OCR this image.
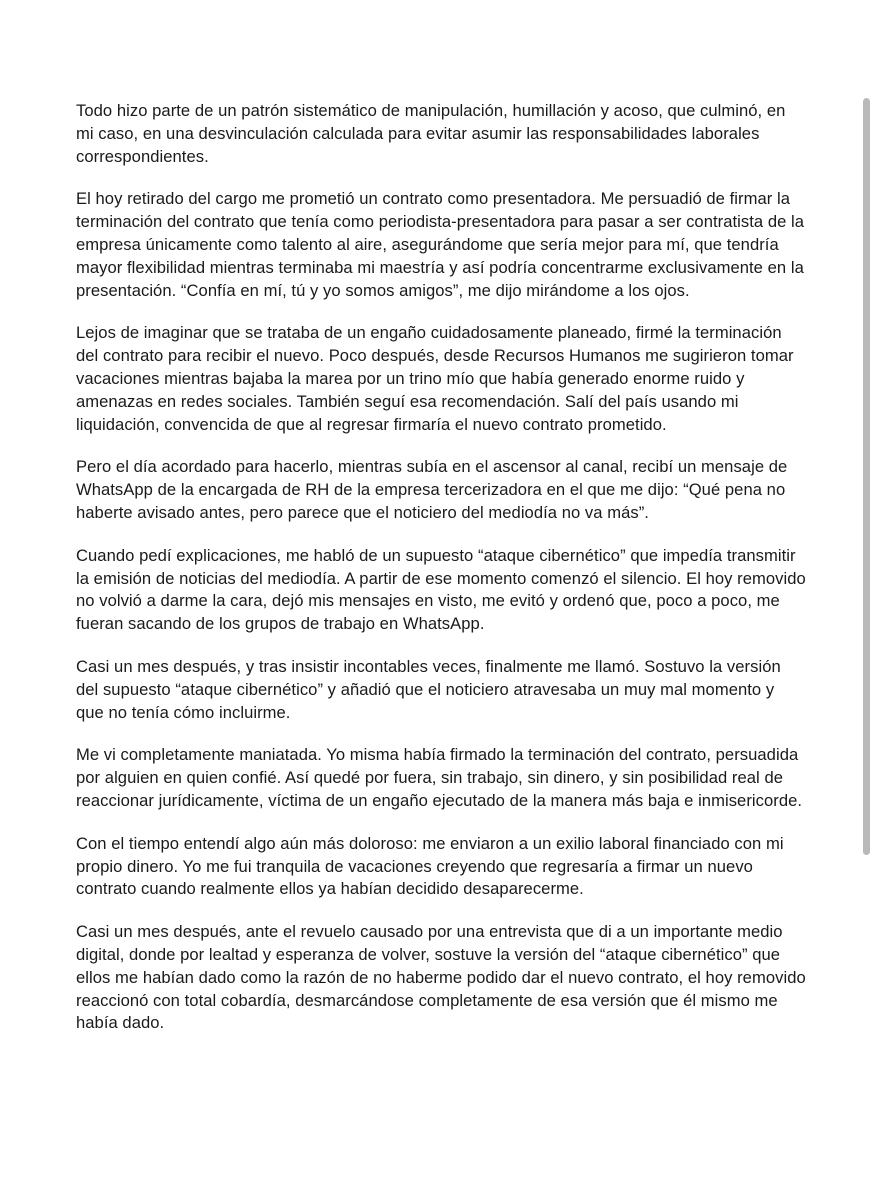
Todo hizo parte de un patrón sistemático de manipulación, humillación y acoso, que culminó, en mi caso, en una desvinculación calculada para evitar asumir las responsabilidades laborales correspondientes.

El hoy retirado del cargo me prometió un contrato como presentadora. Me persuadió de firmar la terminación del contrato que tenía como periodista-presentadora para pasar a ser contratista de la empresa únicamente como talento al aire, asegurándome que sería mejor para mí, que tendría mayor flexibilidad mientras terminaba mi maestría y así podría concentrarme exclusivamente en la presentación. “Confía en mí, tú y yo somos amigos”, me dijo mirándome a los ojos.

Lejos de imaginar que se trataba de un engaño cuidadosamente planeado, firmé la terminación del contrato para recibir el nuevo. Poco después, desde Recursos Humanos me sugirieron tomar vacaciones mientras bajaba la marea por un trino mío que había generado enorme ruido y amenazas en redes sociales. También seguí esa recomendación. Salí del país usando mi liquidación, convencida de que al regresar firmaría el nuevo contrato prometido.

Pero el día acordado para hacerlo, mientras subía en el ascensor al canal, recibí un mensaje de WhatsApp de la encargada de RH de la empresa tercerizadora en el que me dijo: “Qué pena no haberte avisado antes, pero parece que el noticiero del mediodía no va más”.

Cuando pedí explicaciones, me habló de un supuesto “ataque cibernético” que impedía transmitir la emisión de noticias del mediodía. A partir de ese momento comenzó el silencio. El hoy removido no volvió a darme la cara, dejó mis mensajes en visto, me evitó y ordenó que, poco a poco, me fueran sacando de los grupos de trabajo en WhatsApp.

Casi un mes después, y tras insistir incontables veces, finalmente me llamó. Sostuvo la versión del supuesto “ataque cibernético” y añadió que el noticiero atravesaba un muy mal momento y que no tenía cómo incluirme.

Me vi completamente maniatada. Yo misma había firmado la terminación del contrato, persuadida por alguien en quien confié. Así quedé por fuera, sin trabajo, sin dinero, y sin posibilidad real de reaccionar jurídicamente, víctima de un engaño ejecutado de la manera más baja e inmisericorde.

Con el tiempo entendí algo aún más doloroso: me enviaron a un exilio laboral financiado con mi propio dinero. Yo me fui tranquila de vacaciones creyendo que regresaría a firmar un nuevo contrato cuando realmente ellos ya habían decidido desaparecerme.

Casi un mes después, ante el revuelo causado por una entrevista que di a un importante medio digital, donde por lealtad y esperanza de volver, sostuve la versión del “ataque cibernético” que ellos me habían dado como la razón de no haberme podido dar el nuevo contrato, el hoy removido reaccionó con total cobardía, desmarcándose completamente de esa versión que él mismo me había dado.
